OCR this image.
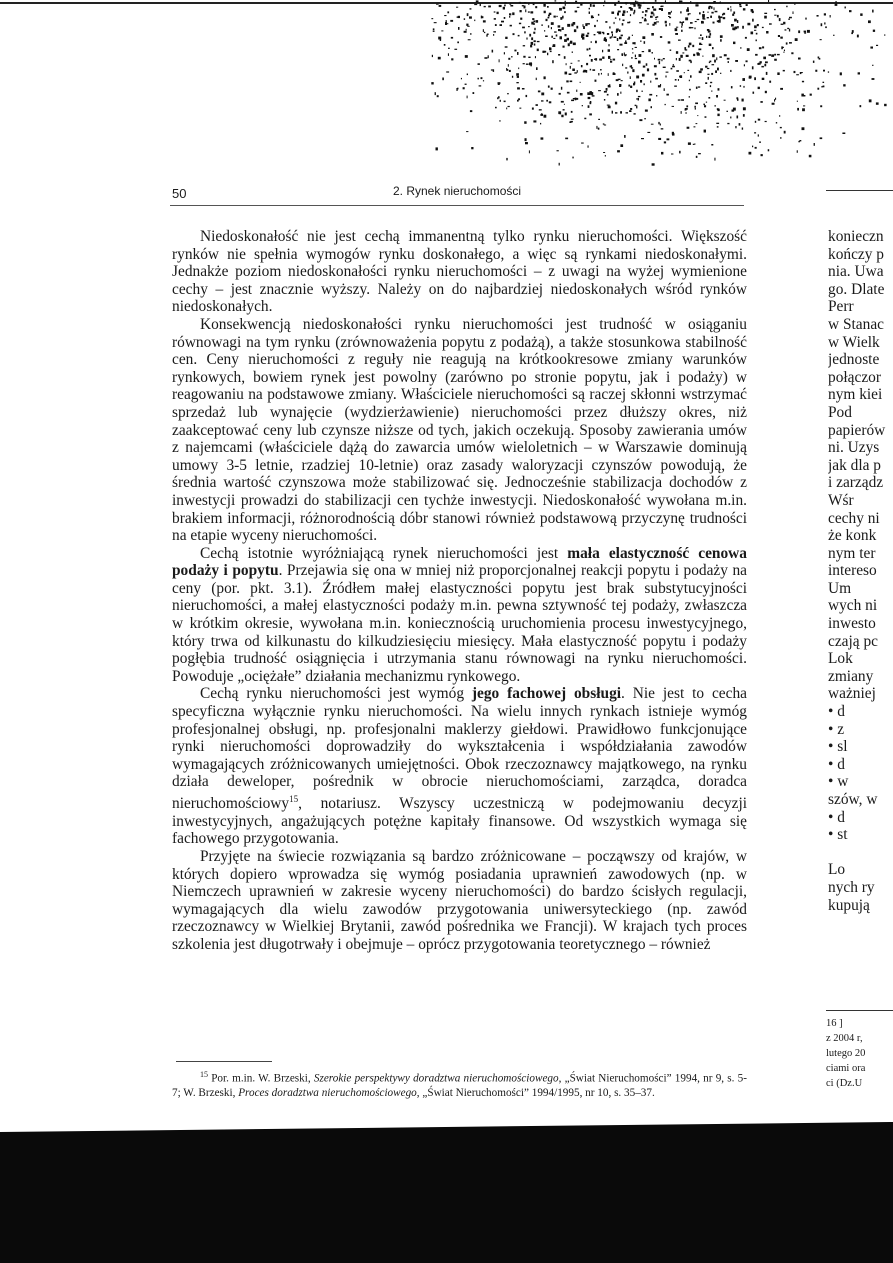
50	2. Rynek nieruchomości

Niedoskonałość nie jest cechą immanentną tylko rynku nieruchomości. Większość rynków nie spełnia wymogów rynku doskonałego, a więc są rynkami niedoskonałymi. Jednakże poziom niedoskonałości rynku nieruchomości – z uwagi na wyżej wymienione cechy – jest znacznie wyższy. Należy on do najbardziej niedoskonałych wśród rynków niedoskonałych.

Konsekwencją niedoskonałości rynku nieruchomości jest trudność w osiąganiu równowagi na tym rynku (zrównoważenia popytu z podażą), a także stosunkowa stabilność cen. Ceny nieruchomości z reguły nie reagują na krótkookresowe zmiany warunków rynkowych, bowiem rynek jest powolny (zarówno po stronie popytu, jak i podaży) w reagowaniu na podstawowe zmiany. Właściciele nieruchomości są raczej skłonni wstrzymać sprzedaż lub wynajęcie (wydzierżawienie) nieruchomości przez dłuższy okres, niż zaakceptować ceny lub czynsze niższe od tych, jakich oczekują. Sposoby zawierania umów z najemcami (właściciele dążą do zawarcia umów wieloletnich – w Warszawie dominują umowy 3-5 letnie, rzadziej 10-letnie) oraz zasady waloryzacji czynszów powodują, że średnia wartość czynszowa może stabilizować się. Jednocześnie stabilizacja dochodów z inwestycji prowadzi do stabilizacji cen tychże inwestycji. Niedoskonałość wywołana m.in. brakiem informacji, różnorodnością dóbr stanowi również podstawową przyczynę trudności na etapie wyceny nieruchomości.

Cechą istotnie wyróżniającą rynek nieruchomości jest mała elastyczność cenowa podaży i popytu. Przejawia się ona w mniej niż proporcjonalnej reakcji popytu i podaży na ceny (por. pkt. 3.1). Źródłem małej elastyczności popytu jest brak substytucyjności nieruchomości, a małej elastyczności podaży m.in. pewna sztywność tej podaży, zwłaszcza w krótkim okresie, wywołana m.in. koniecznością uruchomienia procesu inwestycyjnego, który trwa od kilkunastu do kilkudziesięciu miesięcy. Mała elastyczność popytu i podaży pogłębia trudność osiągnięcia i utrzymania stanu równowagi na rynku nieruchomości. Powoduje „ociężałe” działania mechanizmu rynkowego.

Cechą rynku nieruchomości jest wymóg jego fachowej obsługi. Nie jest to cecha specyficzna wyłącznie rynku nieruchomości. Na wielu innych rynkach istnieje wymóg profesjonalnej obsługi, np. profesjonalni maklerzy giełdowi. Prawidłowo funkcjonujące rynki nieruchomości doprowadziły do wykształcenia i współdziałania zawodów wymagających zróżnicowanych umiejętności. Obok rzeczoznawcy majątkowego, na rynku działa deweloper, pośrednik w obrocie nieruchomościami, zarządca, doradca nieruchomościowy$^{15}$, notariusz. Wszyscy uczestniczą w podejmowaniu decyzji inwestycyjnych, angażujących potężne kapitały finansowe. Od wszystkich wymaga się fachowego przygotowania.

Przyjęte na świecie rozwiązania są bardzo zróżnicowane – począwszy od krajów, w których dopiero wprowadza się wymóg posiadania uprawnień zawodowych (np. w Niemczech uprawnień w zakresie wyceny nieruchomości) do bardzo ścisłych regulacji, wymagających dla wielu zawodów przygotowania uniwersyteckiego (np. zawód rzeczoznawcy w Wielkiej Brytanii, zawód pośrednika we Francji). W krajach tych proces szkolenia jest długotrwały i obejmuje – oprócz przygotowania teoretycznego – również

$^{15}$ Por. m.in. W. Brzeski, Szerokie perspektywy doradztwa nieruchomościowego, „Świat Nieruchomości” 1994, nr 9, s. 5-7; W. Brzeski, Proces doradztwa nieruchomościowego, „Świat Nieruchomości” 1994/1995, nr 10, s. 35–37.
konieczn
kończy p
nia. Uwa
go. Dlate
Perr
w Stanac
w Wielk
jednoste
połączor
nym kiei
Pod
papierów
ni. Uzys
jak dla p
i zarządz
Wśr
cechy ni
że konk
nym ter
intereso
Um
wych ni
inwesto
czają pc
Lok
zmiany
ważniej
• d
• z
• sl
• d
• w
szów, w
• d
• st
Lo
nych ry
kupują
16 ]
z 2004 r,
lutego 20
ciami ora
ci (Dz.U
